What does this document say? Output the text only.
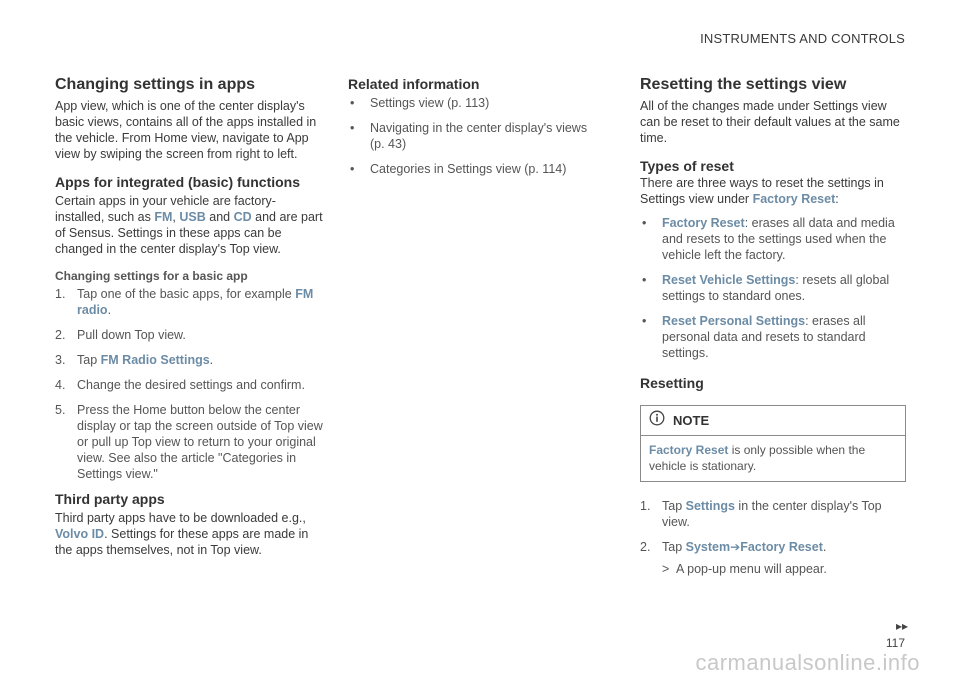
INSTRUMENTS AND CONTROLS
Changing settings in apps

App view, which is one of the center display's basic views, contains all of the apps installed in the vehicle. From Home view, navigate to App view by swiping the screen from right to left.

Apps for integrated (basic) functions

Certain apps in your vehicle are factory-installed, such as FM, USB and CD and are part of Sensus. Settings in these apps can be changed in the center display's Top view.

Changing settings for a basic app
1. Tap one of the basic apps, for example FM radio.
2. Pull down Top view.
3. Tap FM Radio Settings.
4. Change the desired settings and confirm.
5. Press the Home button below the center display or tap the screen outside of Top view or pull up Top view to return to your original view. See also the article "Categories in Settings view."
Third party apps

Third party apps have to be downloaded e.g., Volvo ID. Settings for these apps are made in the apps themselves, not in Top view.

Related information
• Settings view (p. 113)
• Navigating in the center display's views (p. 43)
• Categories in Settings view (p. 114)
Resetting the settings view

All of the changes made under Settings view can be reset to their default values at the same time.

Types of reset

There are three ways to reset the settings in Settings view under Factory Reset:

• Factory Reset: erases all data and media and resets to the settings used when the vehicle left the factory.
• Reset Vehicle Settings: resets all global settings to standard ones.
• Reset Personal Settings: erases all personal data and resets to standard settings.
Resetting
NOTE
Factory Reset is only possible when the vehicle is stationary.
1. Tap Settings in the center display's Top view.
2. Tap System➔Factory Reset.
> A pop-up menu will appear.
▸▸
117
carmanualsonline.info
